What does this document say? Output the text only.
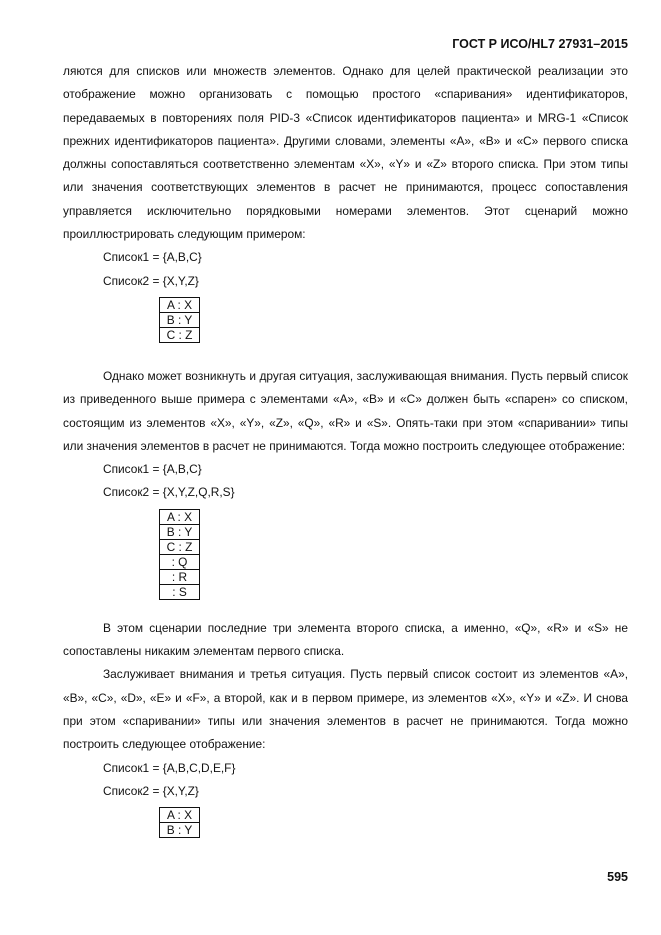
ГОСТ Р ИСО/HL7 27931–2015

ляются для списков или множеств элементов. Однако для целей практической реализации это отображение можно организовать с помощью простого «спаривания» идентификаторов, передаваемых в повторениях поля PID-3 «Список идентификаторов пациента» и MRG-1 «Список прежних идентификаторов пациента». Другими словами, элементы «А», «В» и «С» первого списка должны сопоставляться соответственно элементам «X», «Y» и «Z» второго списка. При этом типы или значения соответствующих элементов в расчет не принимаются, процесс сопоставления управляется исключительно порядковыми номерами элементов. Этот сценарий можно проиллюстрировать следующим примером:

Список1 = {A,B,C}
Список2 = {X,Y,Z}
A : X
B : Y
C : Z

Однако может возникнуть и другая ситуация, заслуживающая внимания. Пусть первый список из приведенного выше примера с элементами «А», «В» и «С» должен быть «спарен» со списком, состоящим из элементов «X», «Y», «Z», «Q», «R» и «S». Опять-таки при этом «спаривании» типы или значения элементов в расчет не принимаются. Тогда можно построить следующее отображение:

Список1 = {A,B,C}
Список2 = {X,Y,Z,Q,R,S}
A : X
B : Y
C : Z
: Q
: R
: S

В этом сценарии последние три элемента второго списка, а именно, «Q», «R» и «S» не сопоставлены никаким элементам первого списка.

Заслуживает внимания и третья ситуация. Пусть первый список состоит из элементов «А», «В», «С», «D», «E» и «F», а второй, как и в первом примере, из элементов «X», «Y» и «Z». И снова при этом «спаривании» типы или значения элементов в расчет не принимаются. Тогда можно построить следующее отображение:

Список1 = {A,B,C,D,E,F}
Список2 = {X,Y,Z}
A : X
B : Y
595
